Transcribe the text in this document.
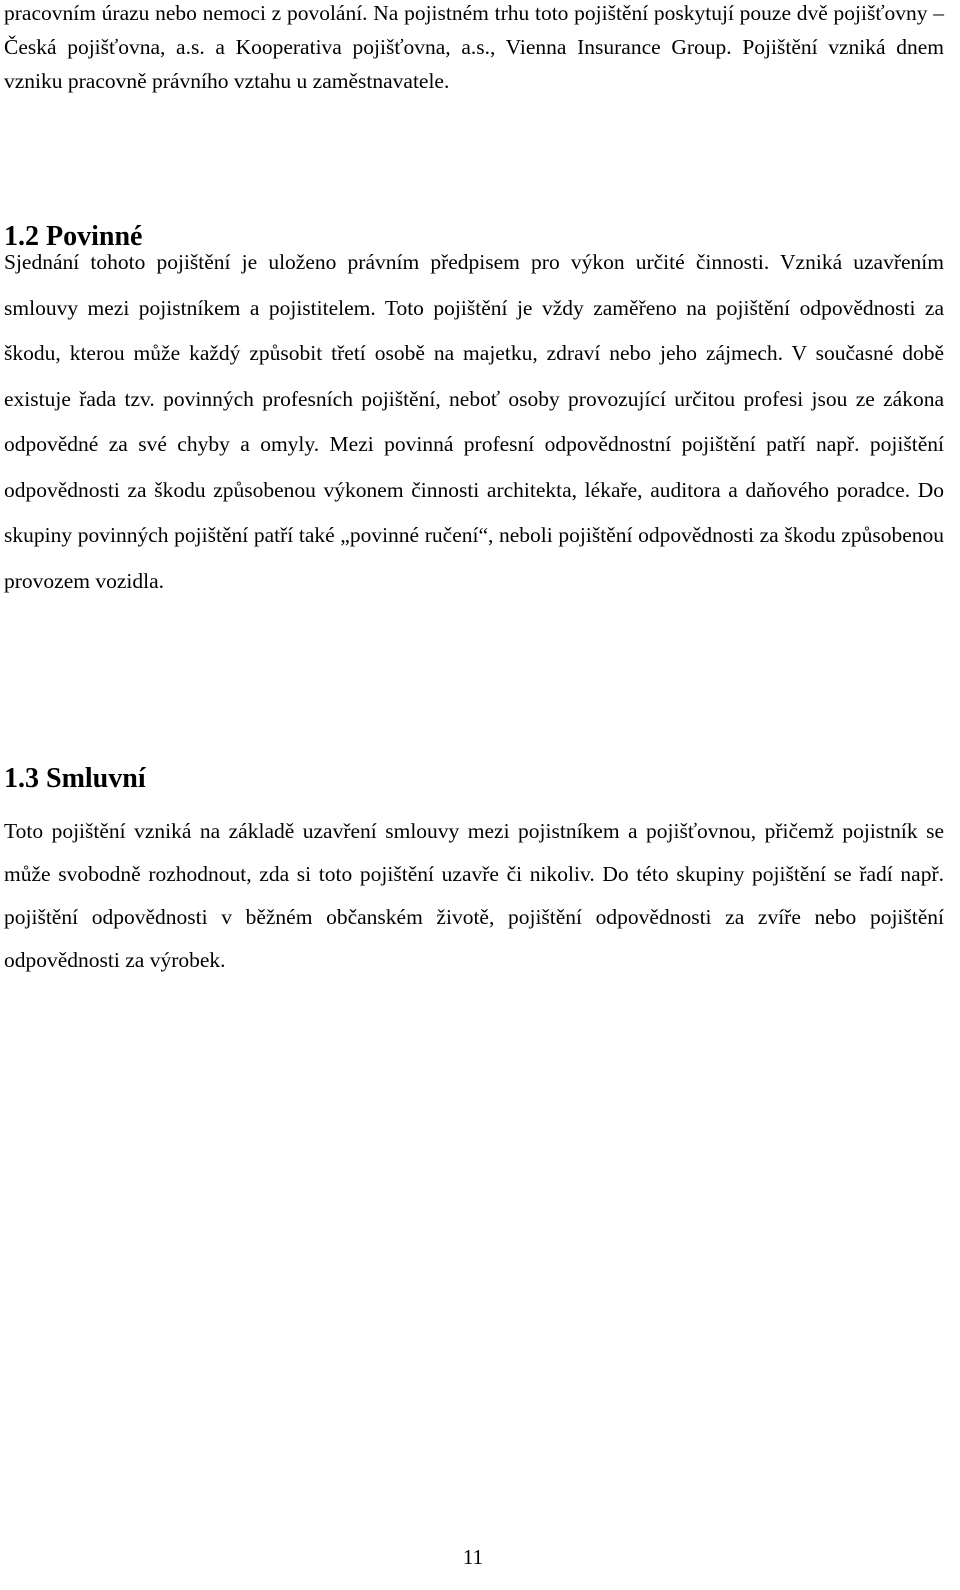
pracovním úrazu nebo nemoci z povolání. Na pojistném trhu toto pojištění poskytují pouze dvě pojišťovny – Česká pojišťovna, a.s. a Kooperativa pojišťovna, a.s., Vienna Insurance Group. Pojištění vzniká dnem vzniku pracovně právního vztahu u zaměstnavatele.

1.2 Povinné

Sjednání tohoto pojištění je uloženo právním předpisem pro výkon určité činnosti. Vzniká uzavřením smlouvy mezi pojistníkem a pojistitelem. Toto pojištění je vždy zaměřeno na pojištění odpovědnosti za škodu, kterou může každý způsobit třetí osobě na majetku, zdraví nebo jeho zájmech. V současné době existuje řada tzv. povinných profesních pojištění, neboť osoby provozující určitou profesi jsou ze zákona odpovědné za své chyby a omyly. Mezi povinná profesní odpovědnostní pojištění patří např. pojištění odpovědnosti za škodu způsobenou výkonem činnosti architekta, lékaře, auditora a daňového poradce. Do skupiny povinných pojištění patří také „povinné ručení“, neboli pojištění odpovědnosti za škodu způsobenou provozem vozidla.

1.3 Smluvní

Toto pojištění vzniká na základě uzavření smlouvy mezi pojistníkem a pojišťovnou, přičemž pojistník se může svobodně rozhodnout, zda si toto pojištění uzavře či nikoliv. Do této skupiny pojištění se řadí např. pojištění odpovědnosti v běžném občanském životě, pojištění odpovědnosti za zvíře nebo pojištění odpovědnosti za výrobek.

11
